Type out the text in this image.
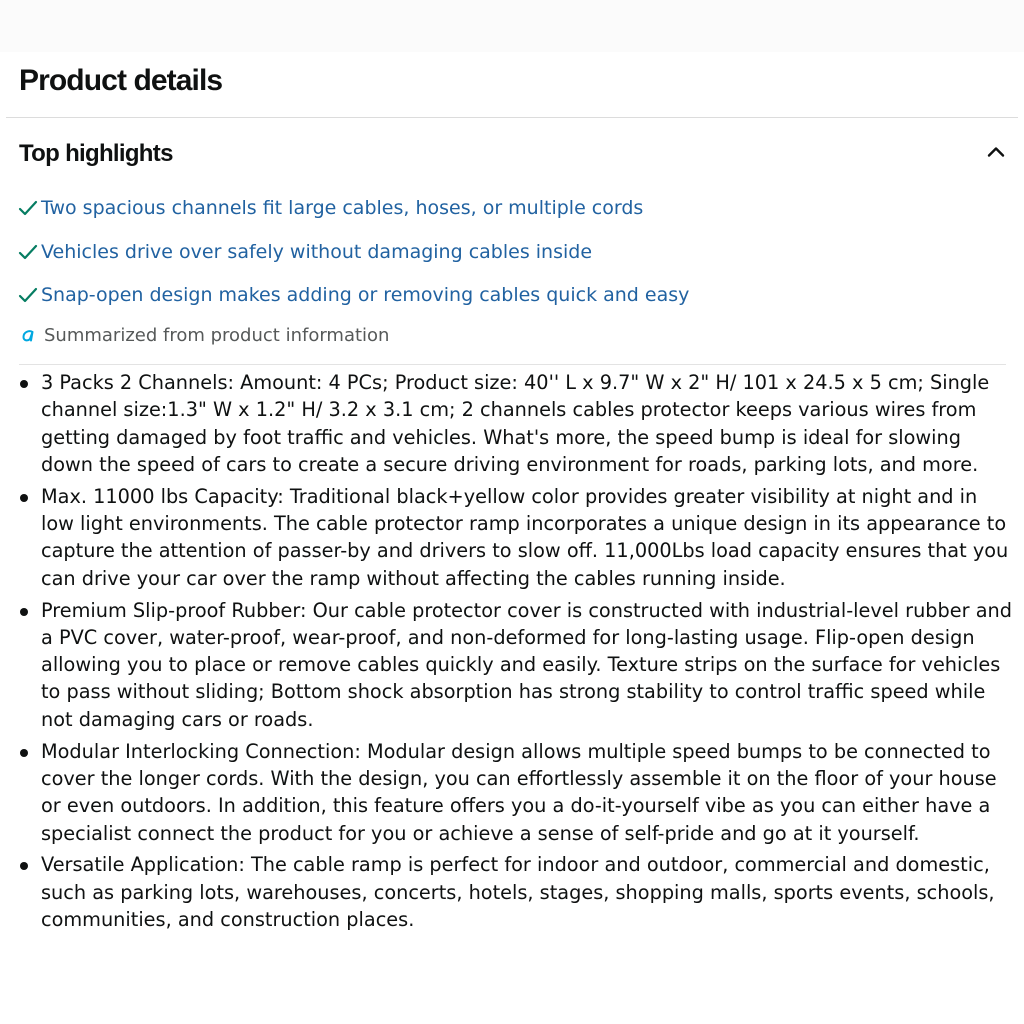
Product details
Top highlights
Two spacious channels fit large cables, hoses, or multiple cords
Vehicles drive over safely without damaging cables inside
Snap-open design makes adding or removing cables quick and easy
Summarized from product information
3 Packs 2 Channels: Amount: 4 PCs; Product size: 40'' L x 9.7" W x 2" H/ 101 x 24.5 x 5 cm; Single channel size:1.3" W x 1.2" H/ 3.2 x 3.1 cm; 2 channels cables protector keeps various wires from getting damaged by foot traffic and vehicles. What's more, the speed bump is ideal for slowing down the speed of cars to create a secure driving environment for roads, parking lots, and more.
Max. 11000 lbs Capacity: Traditional black+yellow color provides greater visibility at night and in low light environments. The cable protector ramp incorporates a unique design in its appearance to capture the attention of passer-by and drivers to slow off. 11,000Lbs load capacity ensures that you can drive your car over the ramp without affecting the cables running inside.
Premium Slip-proof Rubber: Our cable protector cover is constructed with industrial-level rubber and a PVC cover, water-proof, wear-proof, and non-deformed for long-lasting usage. Flip-open design allowing you to place or remove cables quickly and easily. Texture strips on the surface for vehicles to pass without sliding; Bottom shock absorption has strong stability to control traffic speed while not damaging cars or roads.
Modular Interlocking Connection: Modular design allows multiple speed bumps to be connected to cover the longer cords. With the design, you can effortlessly assemble it on the floor of your house or even outdoors. In addition, this feature offers you a do-it-yourself vibe as you can either have a specialist connect the product for you or achieve a sense of self-pride and go at it yourself.
Versatile Application: The cable ramp is perfect for indoor and outdoor, commercial and domestic, such as parking lots, warehouses, concerts, hotels, stages, shopping malls, sports events, schools, communities, and construction places.
